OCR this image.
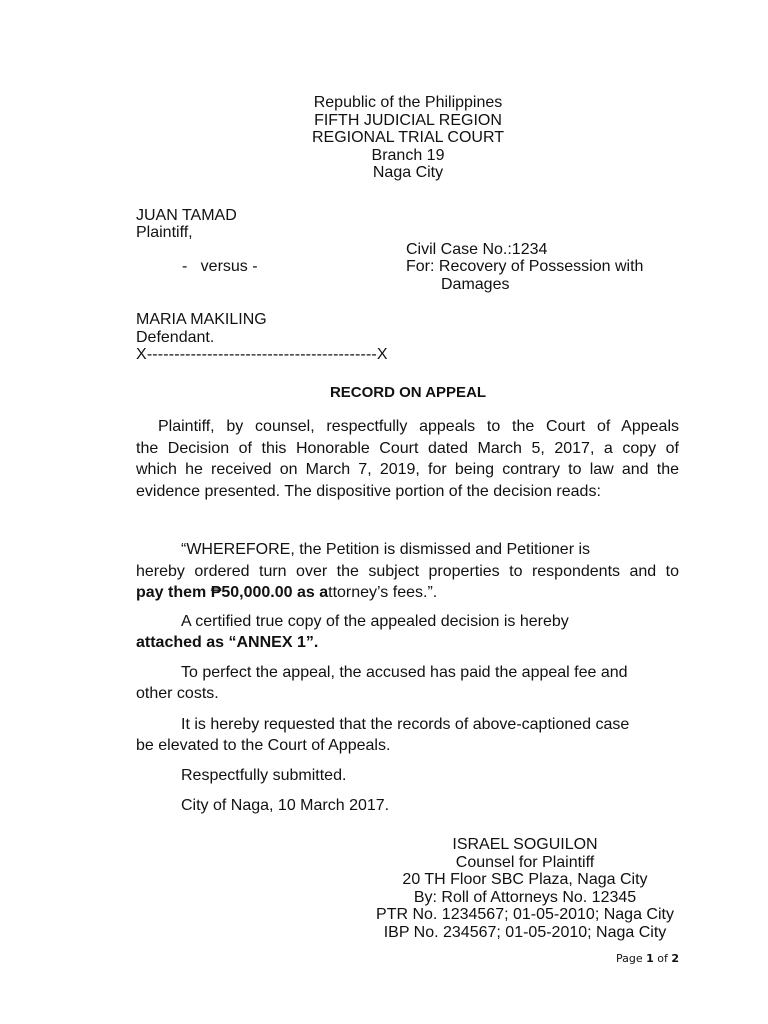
Republic of the Philippines
FIFTH JUDICIAL REGION
REGIONAL TRIAL COURT
Branch 19
Naga City
JUAN TAMAD
Plaintiff,
Civil Case No.:1234
-   versus -	For: Recovery of Possession with
Damages
MARIA MAKILING
Defendant.
X------------------------------------------X
RECORD ON APPEAL
Plaintiff, by counsel, respectfully appeals to the Court of Appeals
the Decision of this Honorable Court dated March 5, 2017, a copy of
which he received on March 7, 2019, for being contrary to law and the
evidence presented. The dispositive portion of the decision reads:
“WHEREFORE, the Petition is dismissed and Petitioner is
hereby ordered turn over the subject properties to respondents and to
pay them ₱50,000.00 as attorney’s fees.”.
A certified true copy of the appealed decision is hereby
attached as “ANNEX 1”.
To perfect the appeal, the accused has paid the appeal fee and
other costs.
It is hereby requested that the records of above-captioned case
be elevated to the Court of Appeals.
Respectfully submitted.
City of Naga, 10 March 2017.
ISRAEL SOGUILON
Counsel for Plaintiff
20 TH Floor SBC Plaza, Naga City
By: Roll of Attorneys No. 12345
PTR No. 1234567; 01-05-2010; Naga City
IBP No. 234567; 01-05-2010; Naga City
Page 1 of 2
